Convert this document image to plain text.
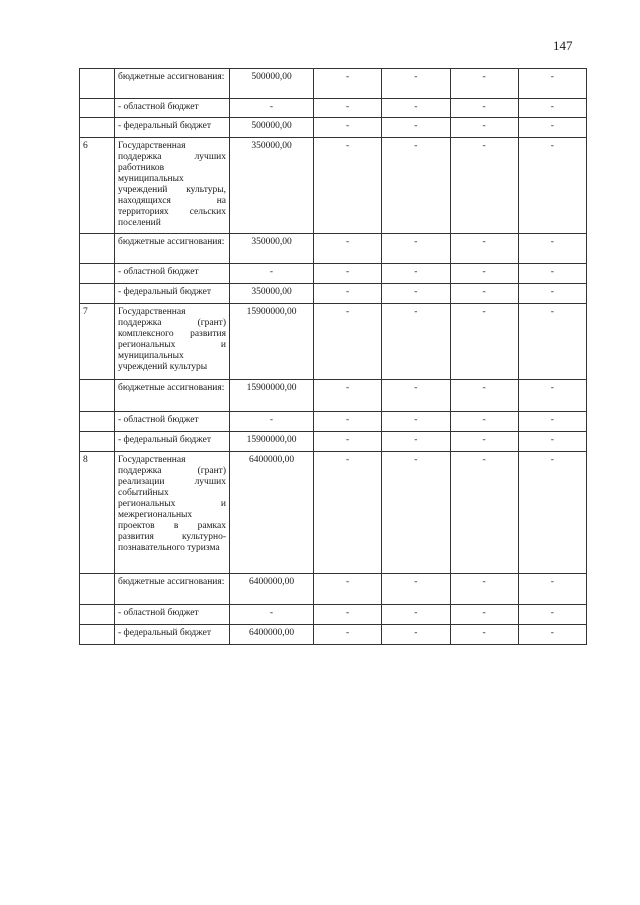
147
	бюджетные ассигнования:	500000,00	-	-	-	-
	- областной бюджет	-	-	-	-	-
	- федеральный бюджет	500000,00	-	-	-	-
6	Государственная поддержка лучших работников муниципальных учреждений культуры, находящихся на территориях сельских поселений	350000,00	-	-	-	-
	бюджетные ассигнования:	350000,00	-	-	-	-
	- областной бюджет	-	-	-	-	-
	- федеральный бюджет	350000,00	-	-	-	-
7	Государственная поддержка (грант) комплексного развития региональных и муниципальных учреждений культуры	15900000,00	-	-	-	-
	бюджетные ассигнования:	15900000,00	-	-	-	-
	- областной бюджет	-	-	-	-	-
	- федеральный бюджет	15900000,00	-	-	-	-
8	Государственная поддержка (грант) реализации лучших событийных региональных и межрегиональных проектов в рамках развития культурно-познавательного туризма	6400000,00	-	-	-	-
	бюджетные ассигнования:	6400000,00	-	-	-	-
	- областной бюджет	-	-	-	-	-
	- федеральный бюджет	6400000,00	-	-	-	-
